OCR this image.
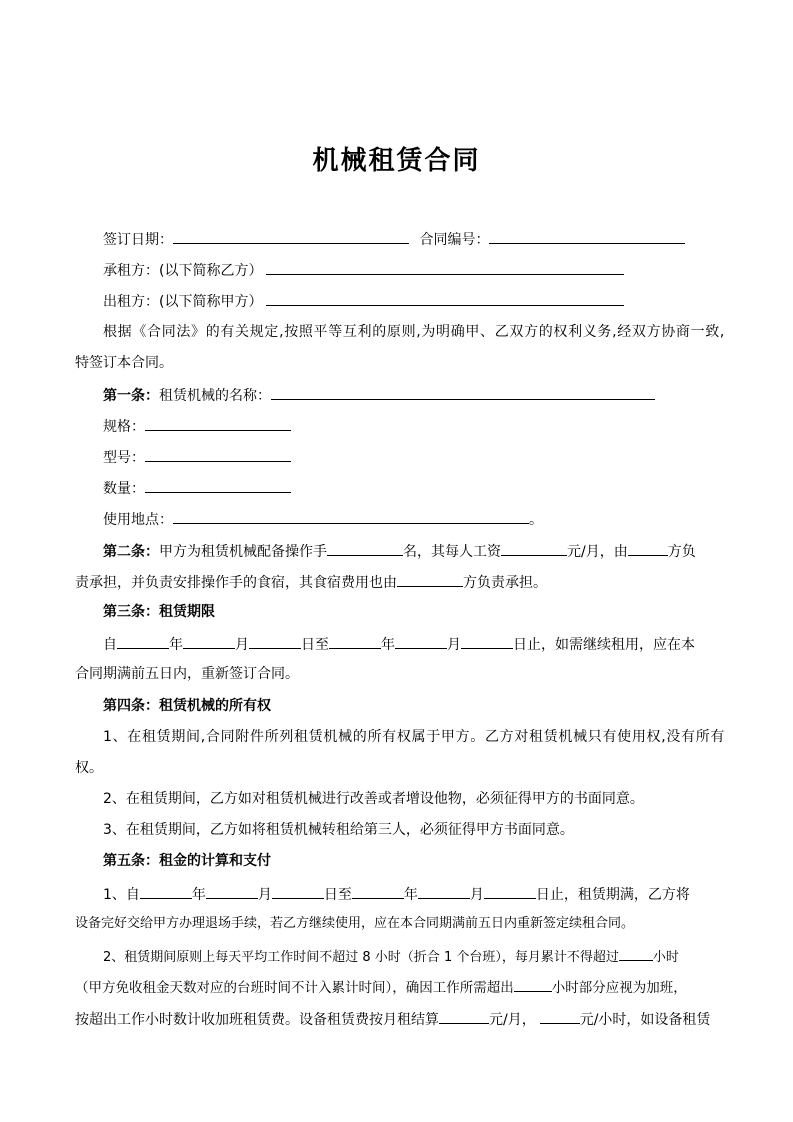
机械租赁合同
签订日期：	合同编号：
承租方：(以下简称乙方）
出租方：(以下简称甲方）
根 据 《 合 同 法 》 的 有 关 规 定 , 按 照 平 等 互 利 的 原 则 , 为 明 确 甲 、 乙 双 方 的 权 利 义 务 , 经 双 方 协 商 一 致 ,
特签订本合同。
第一条：租赁机械的名称：
规格：
型号：
数量：
使用地点：	。
第二条：甲方为租赁机械配备操作手	名，其每人工资	元/月，由	方负
责承担，并负责安排操作手的食宿，其食宿费用也由	方负责承担。
第三条：租赁期限
自	年	月	日至	年	月	日止，如需继续租用，应在本
合同期满前五日内，重新签订合同。
第四条：租赁机械的所有权
1 、 在 租 赁 期 间 , 合 同 附 件 所 列 租 赁 机 械 的 所 有 权 属 于 甲 方 。 乙 方 对 租 赁 机 械 只 有 使 用 权 , 没 有 所 有
权。
2、在租赁期间，乙方如对租赁机械进行改善或者增设他物，必须征得甲方的书面同意。
3、在租赁期间，乙方如将租赁机械转租给第三人，必须征得甲方书面同意。
第五条：租金的计算和支付
1、自	年	月	日至	年	月	日止，租赁期满，乙方将
设备完好交给甲方办理退场手续，若乙方继续使用，应在本合同期满前五日内重新签定续租合同。
2、租赁期间原则上每天平均工作时间不超过 8 小时（折合 1 个台班），每月累计不得超过	小时
（甲方免收租金天数对应的台班时间不计入累计时间），确因工作所需超出	小时部分应视为加班，
按超出工作小时数计收加班租赁费。设备租赁费按月租结算	元/月，	元/小时，如设备租赁
